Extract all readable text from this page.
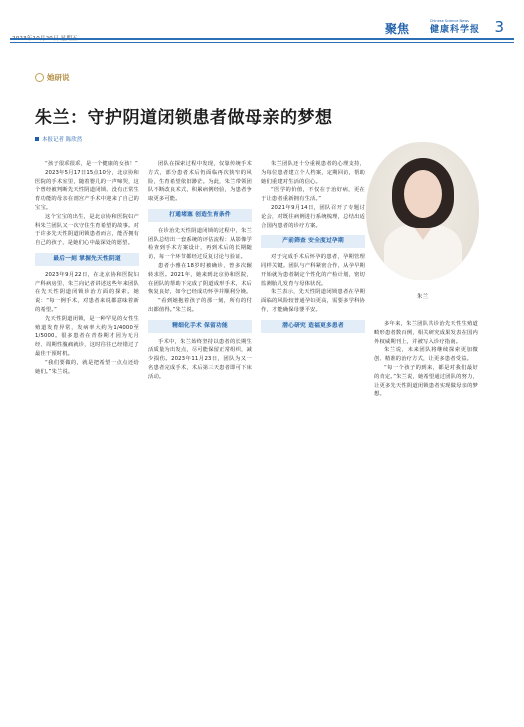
聚焦
Chinese Science News
健康科学报 3
她研说
朱兰：守护阴道闭锁患者做母亲的梦想
本报记者 陈欣然
朱兰

“孩子很乖很乖，是一个健康的女孩！”

2023年5月17日15点10分，北京协和医院的手术室里，随着婴儿的一声啼哭，这个曾经被判断先天性阴道闭锁、没有正常生育功能的母亲在剖宫产手术中迎来了自己的宝宝。

这个宝宝的出生，是北京协和医院妇产科朱兰团队又一次守住生育希望的故事。对于许多先天性阴道闭锁患者而言，能否拥有自己的孩子，是她们心中最深处的愿望。

最后一刻 掌握先天性阴道

2023年9月22日，在北京协和医院妇产科病房里，朱兰向记者讲述这些年来团队在先天性阴道闭锁诊治方面的探索。她说：“每一例手术，对患者来说都意味着新的希望。”

先天性阴道闭锁，是一种罕见的女性生殖道发育异常，发病率大约为1/4000至1/5000。很多患者在青春期才因为无月经、周期性腹痛就诊，这时往往已经错过了最佳干预时机。

“我们要做的，就是把希望一点点还给她们。”朱兰说。

团队在探索过程中发现，仅靠传统手术方式，部分患者术后仍面临再次狭窄的风险，生育希望依旧渺茫。为此，朱兰带领团队不断改良术式，积累病例经验，为患者争取更多可能。

打通堵塞 创造生育条件

在诊治先天性阴道闭锁的过程中，朱兰团队总结出一套系统的评估流程：从影像学检查到手术方案设计，再到术后的长期随访，每一个环节都经过反复讨论与验证。

患者小雅在18岁时被确诊，曾多次辗转求医。2021年，她来到北京协和医院，在团队的帮助下完成了阴道成形手术，术后恢复良好，如今已经成功怀孕并顺利分娩。

“看到她抱着孩子的那一刻，所有的付出都值得。”朱兰说。

精细化手术 保留功能

手术中，朱兰始终坚持以患者的长期生活质量为出发点，尽可能保留正常组织，减少损伤。2023年11月23日，团队为又一名患者完成手术，术后第三天患者即可下床活动。

朱兰团队还十分重视患者的心理支持，为每位患者建立个人档案，定期回访，帮助她们重建对生活的信心。

“医学的价值，不仅在于治好病，更在于让患者重新拥有生活。”

2021年9月14日，团队召开了专题讨论会，对既往病例进行系统梳理，总结出适合国内患者的诊疗方案。

产前筛查 安全度过孕期

对于完成手术后怀孕的患者，孕期管理同样关键。团队与产科紧密合作，从孕早期开始就为患者制定个性化的产检计划，密切监测胎儿发育与母体状况。

朱兰表示，先天性阴道闭锁患者在孕期面临的风险较普通孕妇更高，需要多学科协作，才能确保母婴平安。

潜心研究 造福更多患者	多年来，朱兰团队共诊治先天性生殖道畸形患者数百例，相关研究成果发表在国内外权威期刊上，并被写入诊疗指南。

朱兰说，未来团队将继续探索更加微创、精准的治疗方式，让更多患者受益。

“每一个孩子的到来，都是对我们最好的肯定。”朱兰说，她希望通过团队的努力，让更多先天性阴道闭锁患者实现做母亲的梦想。
